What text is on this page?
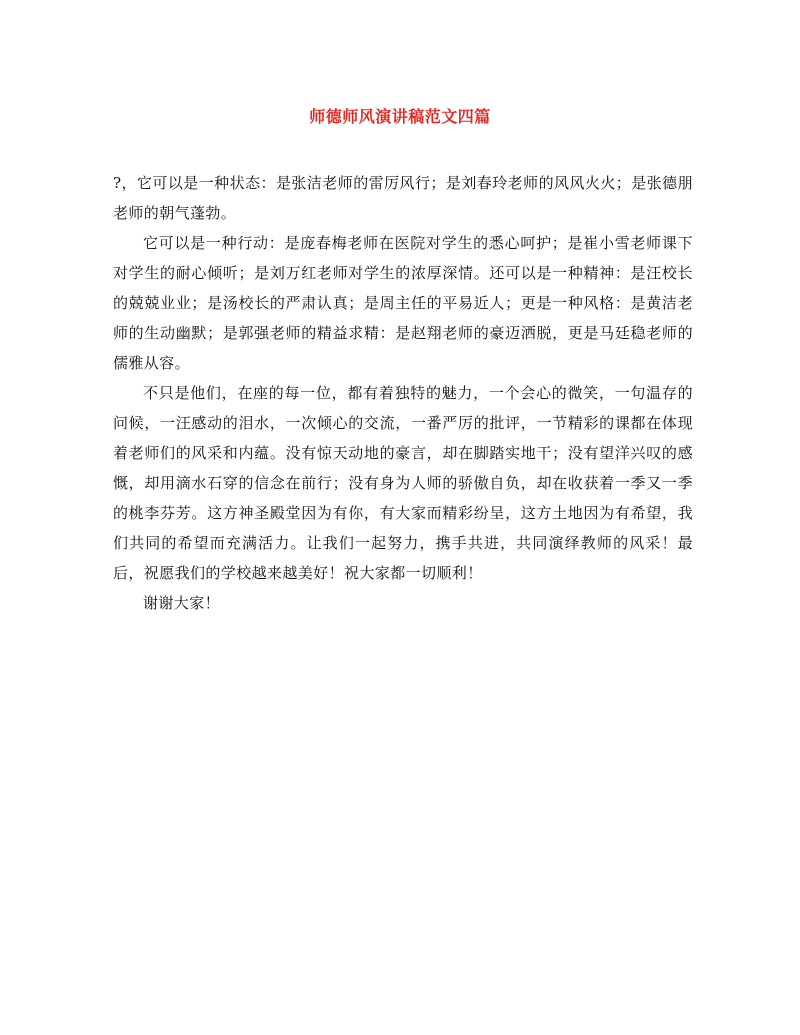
师德师风演讲稿范文四篇

?，它可以是一种状态：是张洁老师的雷厉风行；是刘春玲老师的风风火火；是张德朋老师的朝气蓬勃。

它可以是一种行动：是庞春梅老师在医院对学生的悉心呵护；是崔小雪老师课下对学生的耐心倾听；是刘万红老师对学生的浓厚深情。还可以是一种精神：是汪校长的兢兢业业；是汤校长的严肃认真；是周主任的平易近人；更是一种风格：是黄洁老师的生动幽默；是郭强老师的精益求精：是赵翔老师的豪迈洒脱，更是马廷稳老师的儒雅从容。

不只是他们，在座的每一位，都有着独特的魅力，一个会心的微笑，一句温存的问候，一汪感动的泪水，一次倾心的交流，一番严厉的批评，一节精彩的课都在体现着老师们的风采和内蕴。没有惊天动地的豪言，却在脚踏实地干；没有望洋兴叹的感慨，却用滴水石穿的信念在前行；没有身为人师的骄傲自负，却在收获着一季又一季的桃李芬芳。这方神圣殿堂因为有你，有大家而精彩纷呈，这方土地因为有希望，我们共同的希望而充满活力。让我们一起努力，携手共进，共同演绎教师的风采！最后，祝愿我们的学校越来越美好！祝大家都一切顺利！

谢谢大家！
